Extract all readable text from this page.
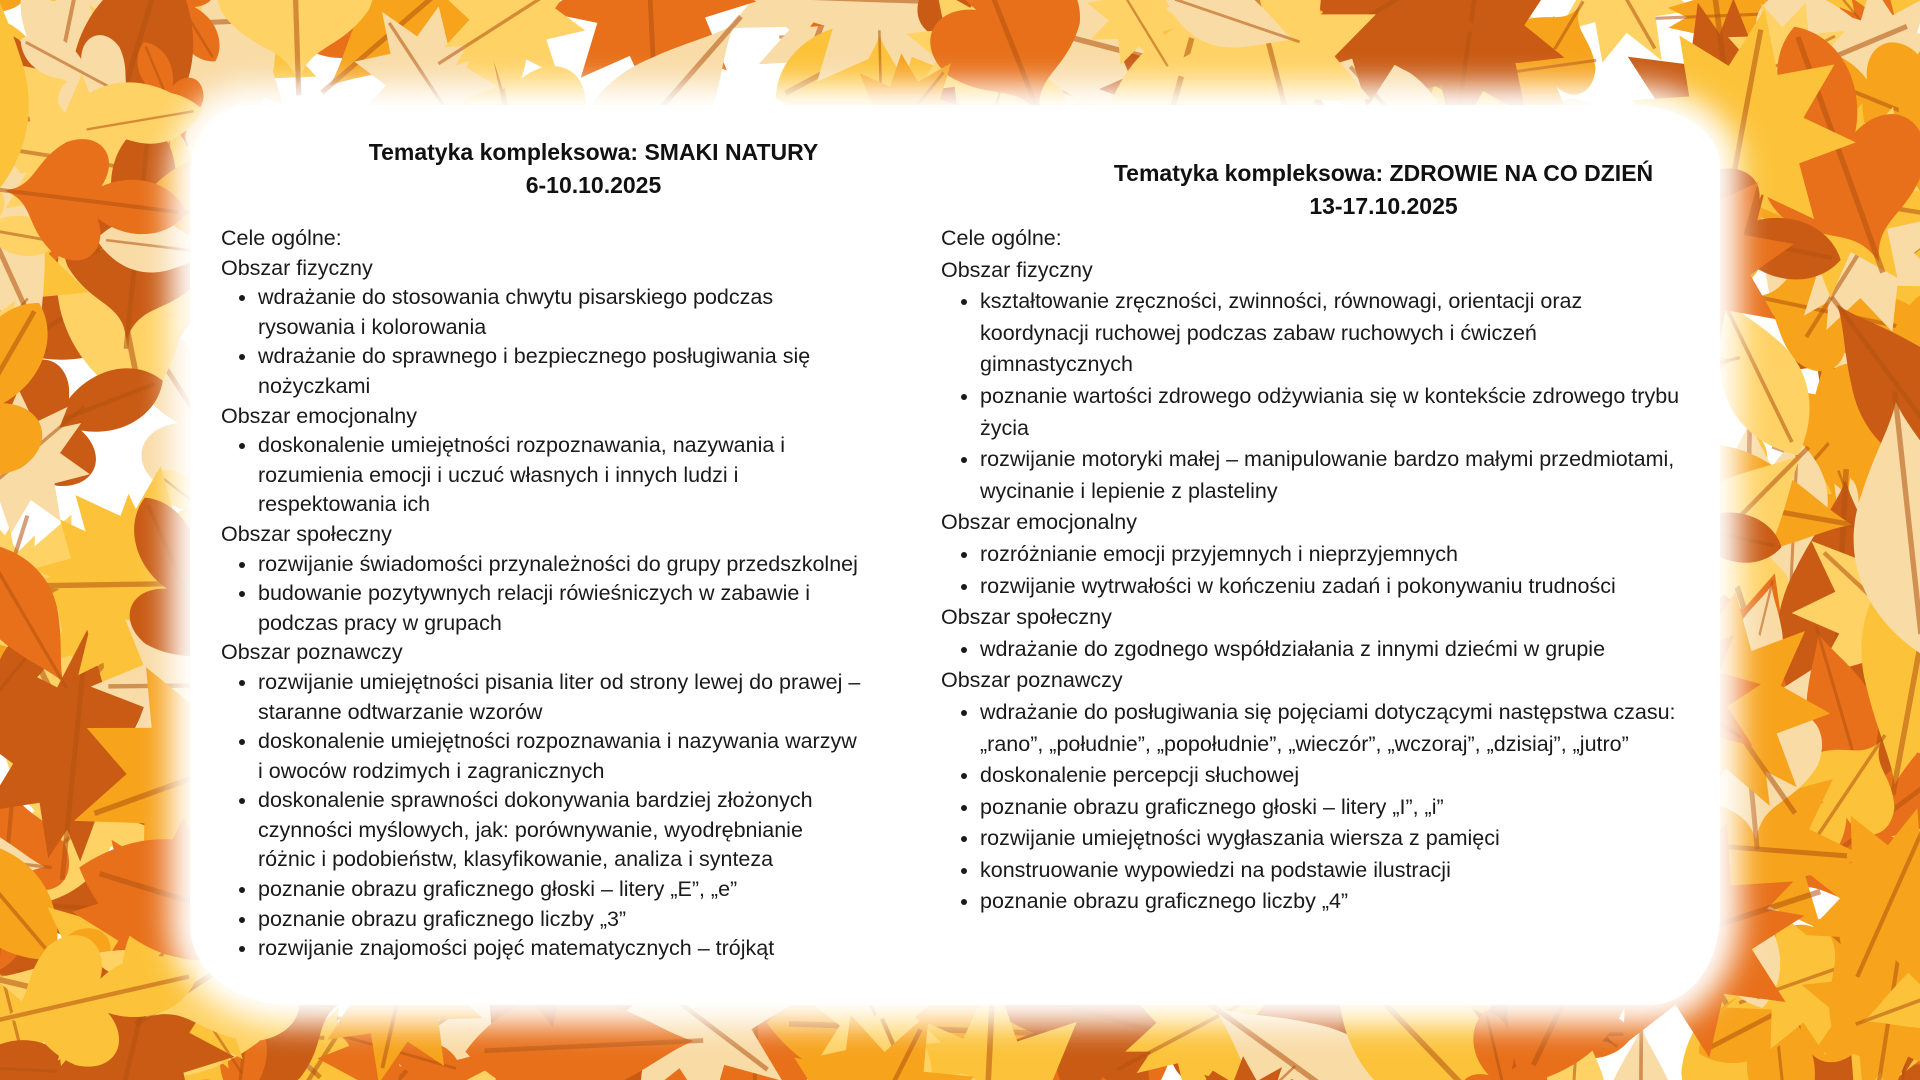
Tematyka kompleksowa: SMAKI NATURY
6-10.10.2025

Cele ogólne:

Obszar fizyczny

• wdrażanie do stosowania chwytu pisarskiego podczas rysowania i kolorowania
• wdrażanie do sprawnego i bezpiecznego posługiwania się nożyczkami

Obszar emocjonalny

• doskonalenie umiejętności rozpoznawania, nazywania i rozumienia emocji i uczuć własnych i innych ludzi i respektowania ich

Obszar społeczny

• rozwijanie świadomości przynależności do grupy przedszkolnej
• budowanie pozytywnych relacji rówieśniczych w zabawie i podczas pracy w grupach

Obszar poznawczy

• rozwijanie umiejętności pisania liter od strony lewej do prawej – staranne odtwarzanie wzorów
• doskonalenie umiejętności rozpoznawania i nazywania warzyw i owoców rodzimych i zagranicznych
• doskonalenie sprawności dokonywania bardziej złożonych czynności myślowych, jak: porównywanie, wyodrębnianie różnic i podobieństw, klasyfikowanie, analiza i synteza
• poznanie obrazu graficznego głoski – litery „E”, „e”
• poznanie obrazu graficznego liczby „3”
• rozwijanie znajomości pojęć matematycznych – trójkąt
Tematyka kompleksowa: ZDROWIE NA CO DZIEŃ
13-17.10.2025

Cele ogólne:

Obszar fizyczny

• kształtowanie zręczności, zwinności, równowagi, orientacji oraz koordynacji ruchowej podczas zabaw ruchowych i ćwiczeń gimnastycznych
• poznanie wartości zdrowego odżywiania się w kontekście zdrowego trybu życia
• rozwijanie motoryki małej – manipulowanie bardzo małymi przedmiotami, wycinanie i lepienie z plasteliny

Obszar emocjonalny

• rozróżnianie emocji przyjemnych i nieprzyjemnych
• rozwijanie wytrwałości w kończeniu zadań i pokonywaniu trudności

Obszar społeczny

• wdrażanie do zgodnego współdziałania z innymi dziećmi w grupie

Obszar poznawczy

• wdrażanie do posługiwania się pojęciami dotyczącymi następstwa czasu: „rano”, „południe”, „popołudnie”, „wieczór”, „wczoraj”, „dzisiaj”, „jutro”
• doskonalenie percepcji słuchowej
• poznanie obrazu graficznego głoski – litery „I”, „i”
• rozwijanie umiejętności wygłaszania wiersza z pamięci
• konstruowanie wypowiedzi na podstawie ilustracji
• poznanie obrazu graficznego liczby „4”
